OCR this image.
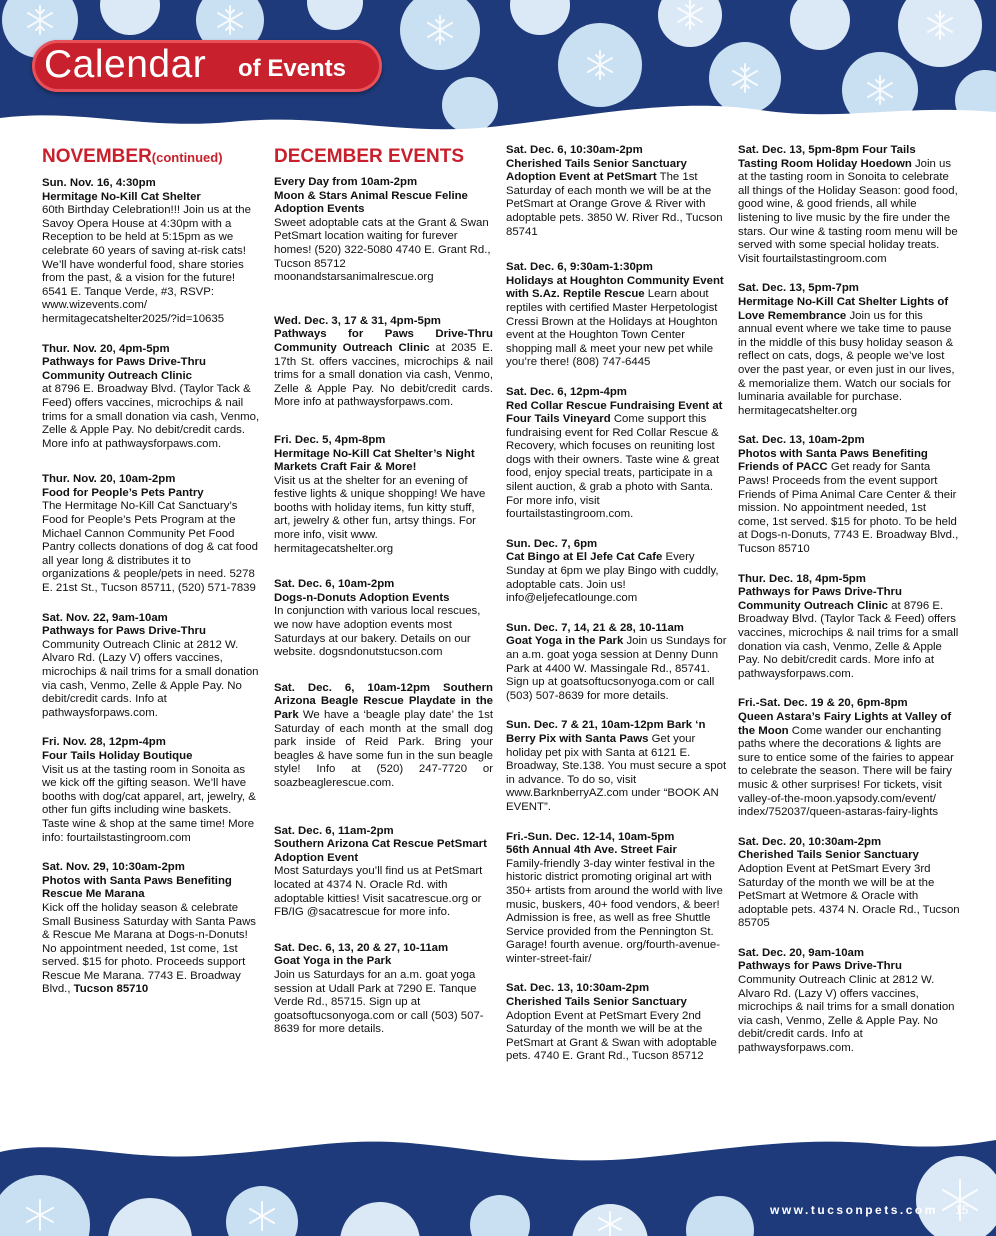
Calendar of Events
NOVEMBER(continued)
Sun. Nov. 16, 4:30pm
Hermitage No-Kill Cat Shelter
60th Birthday Celebration!!! Join us at the Savoy Opera House at 4:30pm with a Reception to be held at 5:15pm as we celebrate 60 years of saving at-risk cats! We’ll have wonderful food, share stories from the past, & a vision for the future! 6541 E. Tanque Verde, #3, RSVP: www.wizevents.com/ hermitagecatshelter2025/?id=10635
Thur. Nov. 20, 4pm-5pm
Pathways for Paws Drive-Thru Community Outreach Clinic
at 8796 E. Broadway Blvd. (Taylor Tack & Feed) offers vaccines, microchips & nail trims for a small donation via cash, Venmo, Zelle & Apple Pay. No debit/credit cards. More info at pathwaysforpaws.com.
Thur. Nov. 20, 10am-2pm
Food for People’s Pets Pantry
The Hermitage No-Kill Cat Sanctuary’s Food for People’s Pets Program at the Michael Cannon Community Pet Food Pantry collects donations of dog & cat food all year long & distributes it to organizations & people/pets in need. 5278 E. 21st St., Tucson 85711, (520) 571-7839
Sat. Nov. 22, 9am-10am
Pathways for Paws Drive-Thru
Community Outreach Clinic at 2812 W. Alvaro Rd. (Lazy V) offers vaccines, microchips & nail trims for a small donation via cash, Venmo, Zelle & Apple Pay. No debit/credit cards. Info at pathwaysforpaws.com.
Fri. Nov. 28, 12pm-4pm
Four Tails Holiday Boutique
Visit us at the tasting room in Sonoita as we kick off the gifting season. We’ll have booths with dog/cat apparel, art, jewelry, & other fun gifts including wine baskets. Taste wine & shop at the same time! More info: fourtailstastingroom.com
Sat. Nov. 29, 10:30am-2pm
Photos with Santa Paws Benefiting Rescue Me Marana
Kick off the holiday season & celebrate Small Business Saturday with Santa Paws & Rescue Me Marana at Dogs-n-Donuts! No appointment needed, 1st come, 1st served. $15 for photo. Proceeds support Rescue Me Marana. 7743 E. Broadway Blvd., Tucson 85710
DECEMBER EVENTS
Every Day from 10am-2pm
Moon & Stars Animal Rescue Feline Adoption Events
Sweet adoptable cats at the Grant & Swan PetSmart location waiting for furever homes! (520) 322-5080 4740 E. Grant Rd., Tucson 85712 moonandstarsanimalrescue.org
Wed. Dec. 3, 17 & 31, 4pm-5pm
Pathways for Paws Drive-Thru Community Outreach Clinic at 2035 E. 17th St. offers vaccines, microchips & nail trims for a small donation via cash, Venmo, Zelle & Apple Pay. No debit/credit cards. More info at pathwaysforpaws.com.
Fri. Dec. 5, 4pm-8pm
Hermitage No-Kill Cat Shelter’s Night Markets Craft Fair & More!
Visit us at the shelter for an evening of festive lights & unique shopping! We have booths with holiday items, fun kitty stuff, art, jewelry & other fun, artsy things. For more info, visit www. hermitagecatshelter.org
Sat. Dec. 6, 10am-2pm
Dogs-n-Donuts Adoption Events
In conjunction with various local rescues, we now have adoption events most Saturdays at our bakery. Details on our website. dogsndonutstucson.com
Sat. Dec. 6, 10am-12pm Southern Arizona Beagle Rescue Playdate in the Park We have a ‘beagle play date’ the 1st Saturday of each month at the small dog park inside of Reid Park. Bring your beagles & have some fun in the sun beagle style! Info at (520) 247-7720 or soazbeaglerescue.com.
Sat. Dec. 6, 11am-2pm
Southern Arizona Cat Rescue PetSmart Adoption Event
Most Saturdays you’ll find us at PetSmart located at 4374 N. Oracle Rd. with adoptable kitties! Visit sacatrescue.org or FB/IG @sacatrescue for more info.
Sat. Dec. 6, 13, 20 & 27, 10-11am
Goat Yoga in the Park
Join us Saturdays for an a.m. goat yoga session at Udall Park at 7290 E. Tanque Verde Rd., 85715. Sign up at goatsoftucsonyoga.com or call (503) 507-8639 for more details.
Sat. Dec. 6, 10:30am-2pm
Cherished Tails Senior Sanctuary Adoption Event at PetSmart The 1st Saturday of each month we will be at the PetSmart at Orange Grove & River with adoptable pets. 3850 W. River Rd., Tucson 85741
Sat. Dec. 6, 9:30am-1:30pm
Holidays at Houghton Community Event with S.Az. Reptile Rescue Learn about reptiles with certified Master Herpetologist Cressi Brown at the Holidays at Houghton event at the Houghton Town Center shopping mall & meet your new pet while you’re there! (808) 747-6445
Sat. Dec. 6, 12pm-4pm
Red Collar Rescue Fundraising Event at Four Tails Vineyard Come support this fundraising event for Red Collar Rescue & Recovery, which focuses on reuniting lost dogs with their owners. Taste wine & great food, enjoy special treats, participate in a silent auction, & grab a photo with Santa. For more info, visit fourtailstastingroom.com.
Sun. Dec. 7, 6pm
Cat Bingo at El Jefe Cat Cafe Every Sunday at 6pm we play Bingo with cuddly, adoptable cats. Join us! info@eljefecatlounge.com
Sun. Dec. 7, 14, 21 & 28, 10-11am
Goat Yoga in the Park Join us Sundays for an a.m. goat yoga session at Denny Dunn Park at 4400 W. Massingale Rd., 85741. Sign up at goatsoftucsonyoga.com or call (503) 507-8639 for more details.
Sun. Dec. 7 & 21, 10am-12pm Bark ‘n Berry Pix with Santa Paws Get your holiday pet pix with Santa at 6121 E. Broadway, Ste.138. You must secure a spot in advance. To do so, visit www.BarknberryAZ.com under “BOOK AN EVENT”.
Fri.-Sun. Dec. 12-14, 10am-5pm
56th Annual 4th Ave. Street Fair
Family-friendly 3-day winter festival in the historic district promoting original art with 350+ artists from around the world with live music, buskers, 40+ food vendors, & beer! Admission is free, as well as free Shuttle Service provided from the Pennington St. Garage! fourth avenue. org/fourth-avenue-winter-street-fair/
Sat. Dec. 13, 10:30am-2pm
Cherished Tails Senior Sanctuary
Adoption Event at PetSmart Every 2nd Saturday of the month we will be at the PetSmart at Grant & Swan with adoptable pets. 4740 E. Grant Rd., Tucson 85712
Sat. Dec. 13, 5pm-8pm Four Tails
Tasting Room Holiday Hoedown Join us at the tasting room in Sonoita to celebrate all things of the Holiday Season: good food, good wine, & good friends, all while listening to live music by the fire under the stars. Our wine & tasting room menu will be served with some special holiday treats. Visit fourtailstastingroom.com
Sat. Dec. 13, 5pm-7pm
Hermitage No-Kill Cat Shelter Lights of Love Remembrance Join us for this annual event where we take time to pause in the middle of this busy holiday season & reflect on cats, dogs, & people we’ve lost over the past year, or even just in our lives, & memorialize them. Watch our socials for luminaria available for purchase. hermitagecatshelter.org
Sat. Dec. 13, 10am-2pm
Photos with Santa Paws Benefiting Friends of PACC Get ready for Santa Paws! Proceeds from the event support Friends of Pima Animal Care Center & their mission. No appointment needed, 1st come, 1st served. $15 for photo. To be held at Dogs-n-Donuts, 7743 E. Broadway Blvd., Tucson 85710
Thur. Dec. 18, 4pm-5pm
Pathways for Paws Drive-Thru Community Outreach Clinic at 8796 E. Broadway Blvd. (Taylor Tack & Feed) offers vaccines, microchips & nail trims for a small donation via cash, Venmo, Zelle & Apple Pay. No debit/credit cards. More info at pathwaysforpaws.com.
Fri.-Sat. Dec. 19 & 20, 6pm-8pm
Queen Astara’s Fairy Lights at Valley of the Moon Come wander our enchanting paths where the decorations & lights are sure to entice some of the fairies to appear to celebrate the season. There will be fairy music & other surprises! For tickets, visit valley-of-the-moon.yapsody.com/event/ index/752037/queen-astaras-fairy-lights
Sat. Dec. 20, 10:30am-2pm
Cherished Tails Senior Sanctuary
Adoption Event at PetSmart Every 3rd Saturday of the month we will be at the PetSmart at Wetmore & Oracle with adoptable pets. 4374 N. Oracle Rd., Tucson 85705
Sat. Dec. 20, 9am-10am
Pathways for Paws Drive-Thru
Community Outreach Clinic at 2812 W. Alvaro Rd. (Lazy V) offers vaccines, microchips & nail trims for a small donation via cash, Venmo, Zelle & Apple Pay. No debit/credit cards. Info at pathwaysforpaws.com.
www.tucsonpets.com 15
